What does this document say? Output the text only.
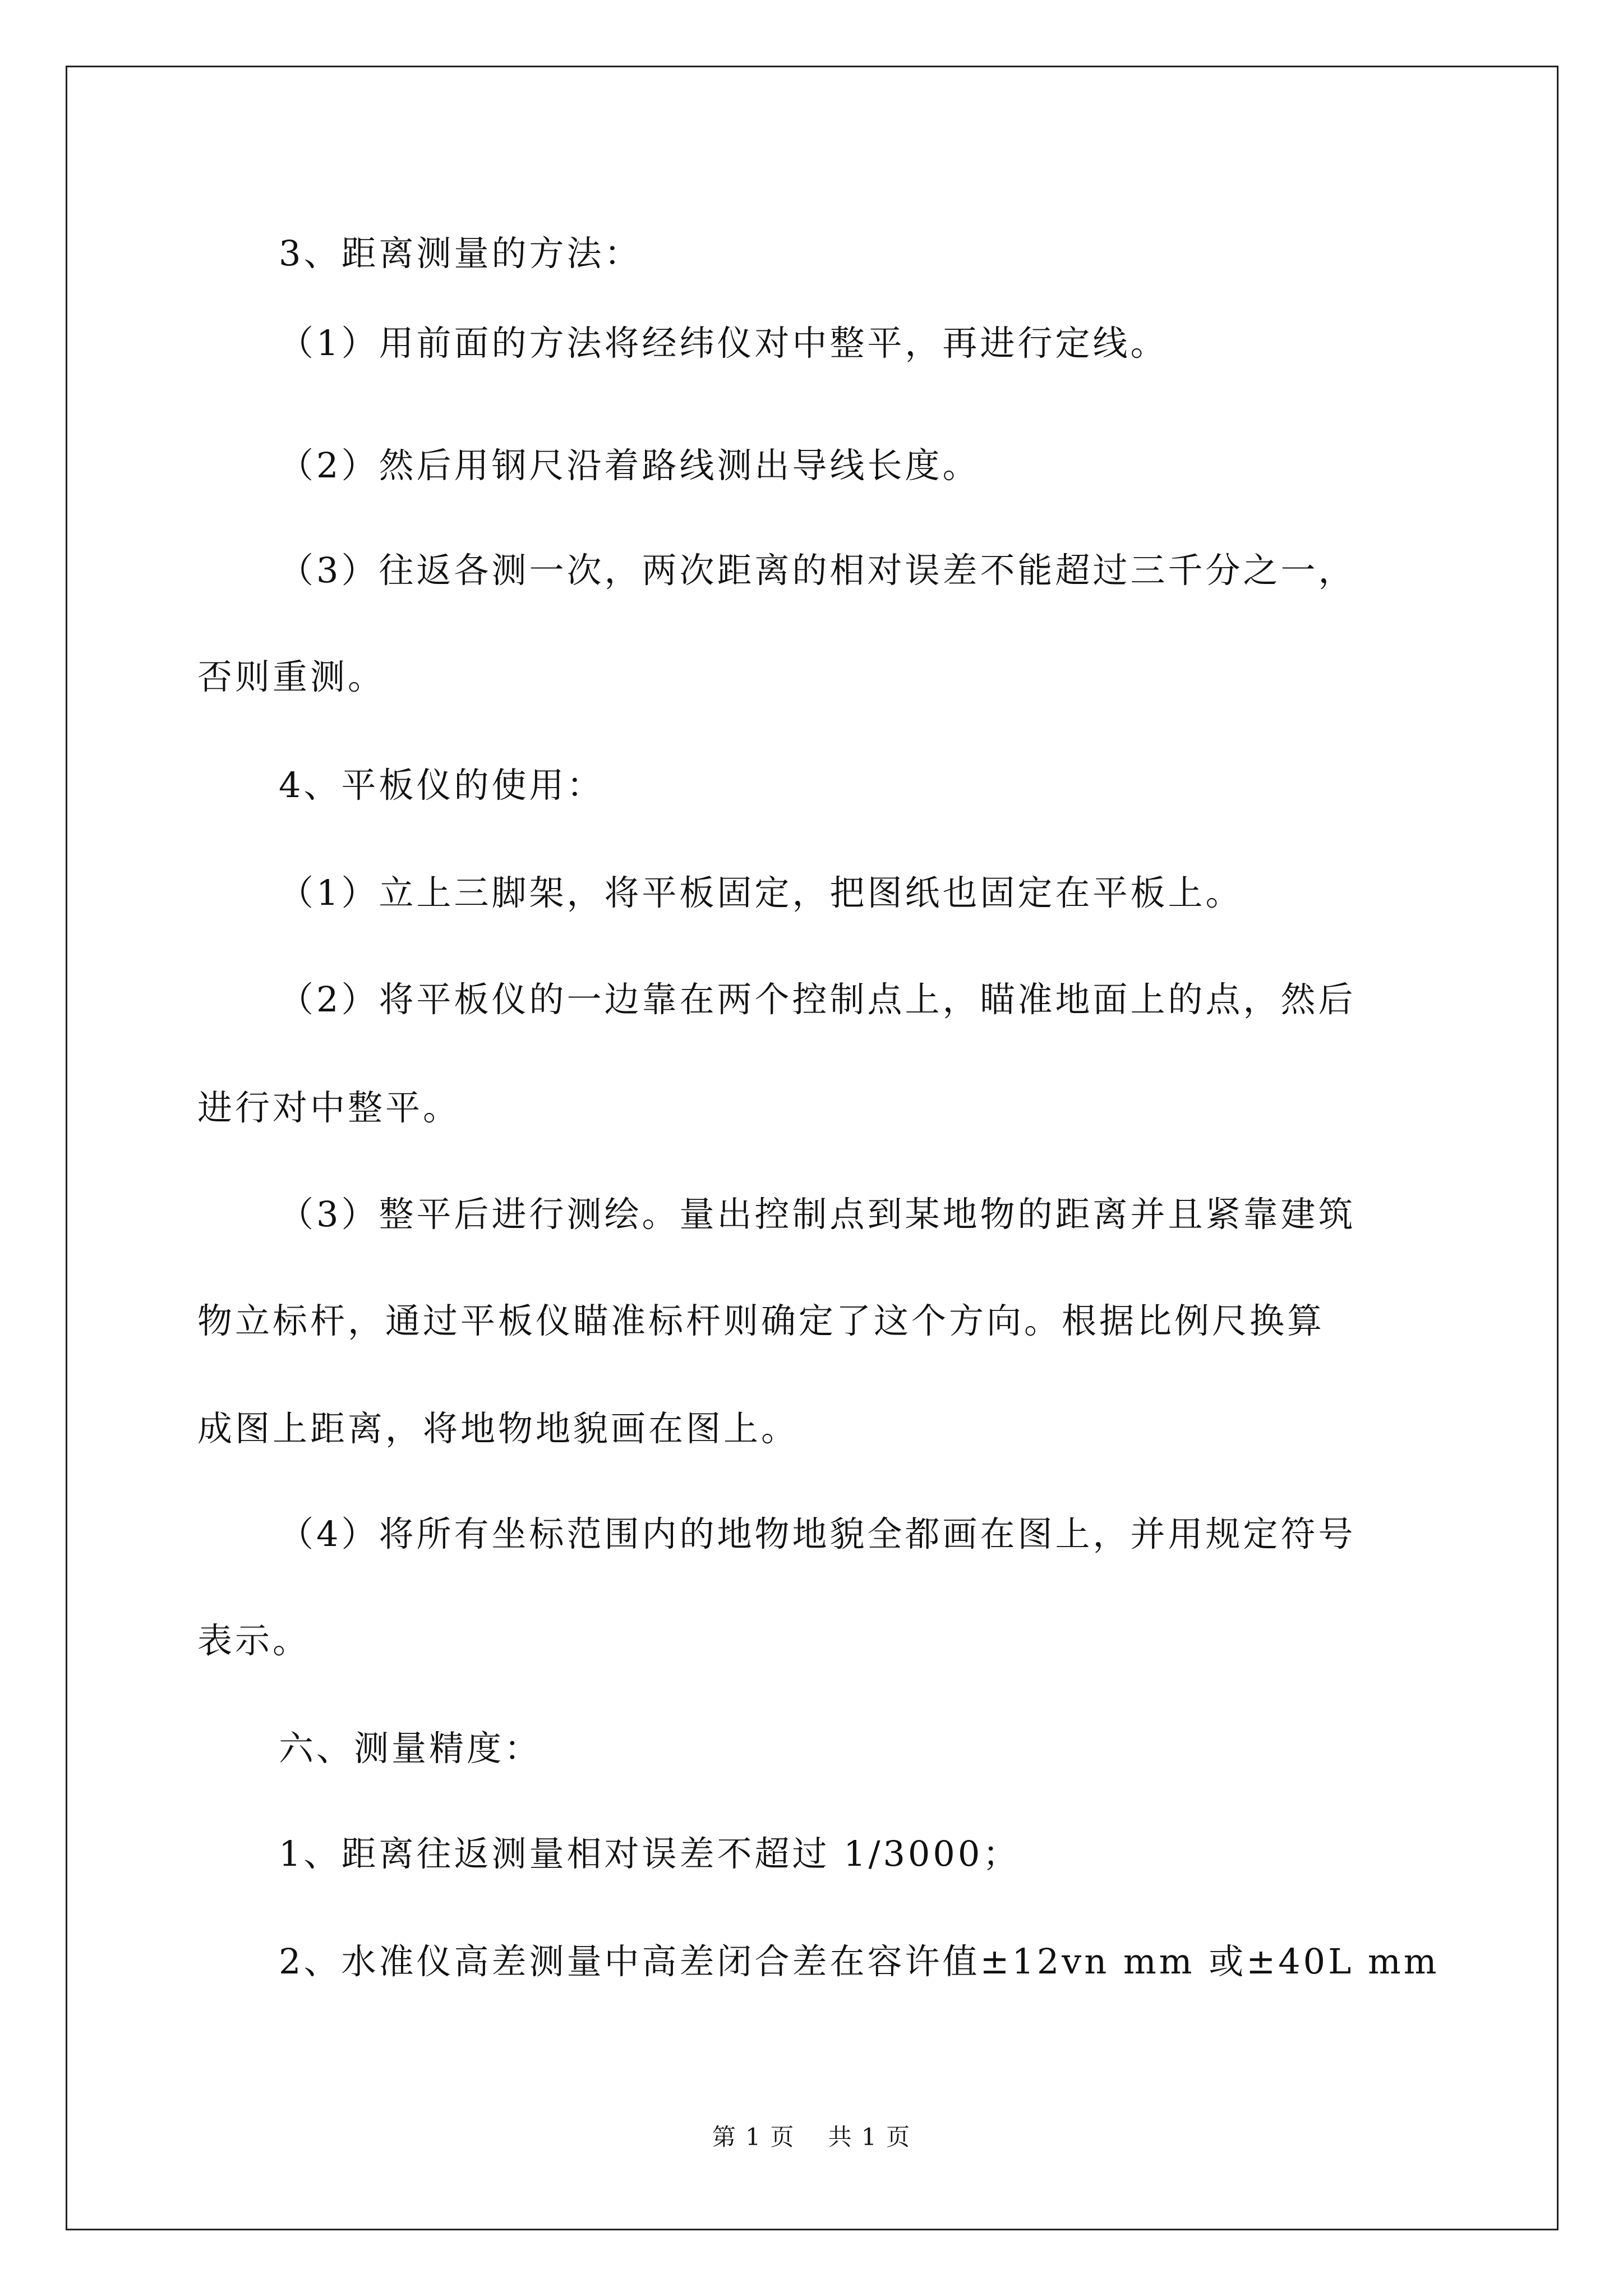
3、距离测量的方法：

（1）用前面的方法将经纬仪对中整平，再进行定线。

（2）然后用钢尺沿着路线测出导线长度。

（3）往返各测一次，两次距离的相对误差不能超过三千分之一，

否则重测。

4、平板仪的使用：

（1）立上三脚架，将平板固定，把图纸也固定在平板上。

（2）将平板仪的一边靠在两个控制点上，瞄准地面上的点，然后

进行对中整平。

（3）整平后进行测绘。量出控制点到某地物的距离并且紧靠建筑

物立标杆，通过平板仪瞄准标杆则确定了这个方向。根据比例尺换算

成图上距离，将地物地貌画在图上。

（4）将所有坐标范围内的地物地貌全都画在图上，并用规定符号

表示。

六、测量精度：

1、距离往返测量相对误差不超过 1/3000；

2、水准仪高差测量中高差闭合差在容许值±12vn mm 或±40L mm

第 1 页　 共 1 页
